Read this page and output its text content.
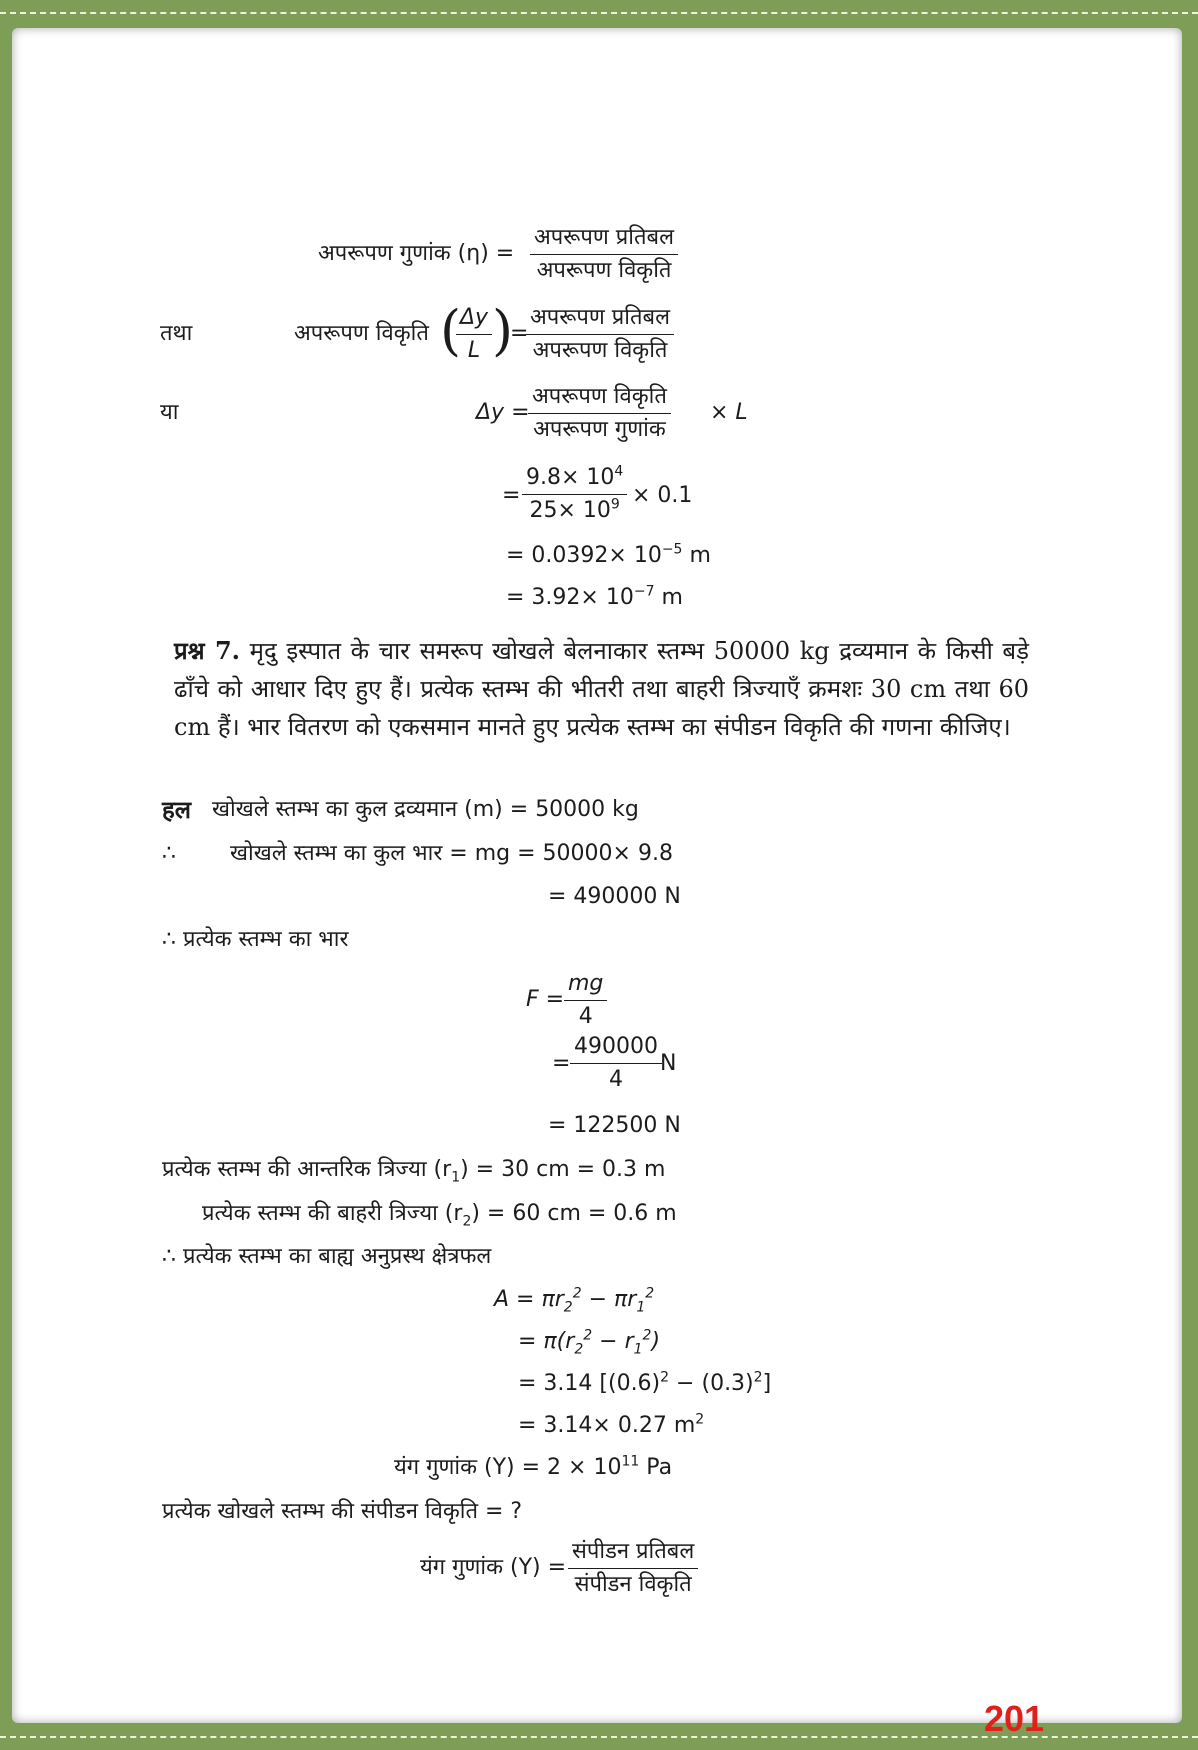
अपरूपण गुणांक (η) =
अपरूपण प्रतिबल
अपरूपण विकृति
तथा	अपरूपण विकृति (
Δy
L )
=
अपरूपण प्रतिबल
अपरूपण विकृति
या	Δy =
अपरूपण विकृति
अपरूपण गुणांक
× L
=
$9.8\times 10^4$
$25\times 10^9 \times 0.1$
= $0.0392\times 10^{-5}$ m
= $3.92\times 10^{-7}$ m
प्रश्न 7. मृदु इस्पात के चार समरूप खोखले बेलनाकार स्तम्भ 50000 kg द्रव्यमान के किसी बड़े ढाँचे को आधार दिए हुए हैं। प्रत्येक स्तम्भ की भीतरी तथा बाहरी त्रिज्याएँ क्रमशः 30 cm तथा 60 cm हैं। भार वितरण को एकसमान मानते हुए प्रत्येक स्तम्भ का संपीडन विकृति की गणना कीजिए।
हल खोखले स्तम्भ का कुल द्रव्यमान (m) = 50000 kg
∴ खोखले स्तम्भ का कुल भार = mg = 50000× 9.8
= 490000 N
∴ प्रत्येक स्तम्भ का भार
F =
mg
4
=
490000
4
N
= 122500 N
प्रत्येक स्तम्भ की आन्तरिक त्रिज्या $(r_1) = 30$ cm = 0.3 m
प्रत्येक स्तम्भ की बाहरी त्रिज्या $(r_2) = 60$ cm = 0.6 m
∴ प्रत्येक स्तम्भ का बाह्य अनुप्रस्थ क्षेत्रफल
$A = \pi r_2^2 - \pi r_1^2$
= $\pi(r_2^2 - r_1^2)$
= 3.14 $[(0.6)^2 - (0.3)^2]$
= 3.14× 0.27 $m^2$
यंग गुणांक $(Y) = 2 \times 10^{11}$ Pa
प्रत्येक खोखले स्तम्भ की संपीडन विकृति = ?
यंग गुणांक (Y) =
संपीडन प्रतिबल
संपीडन विकृति
201
